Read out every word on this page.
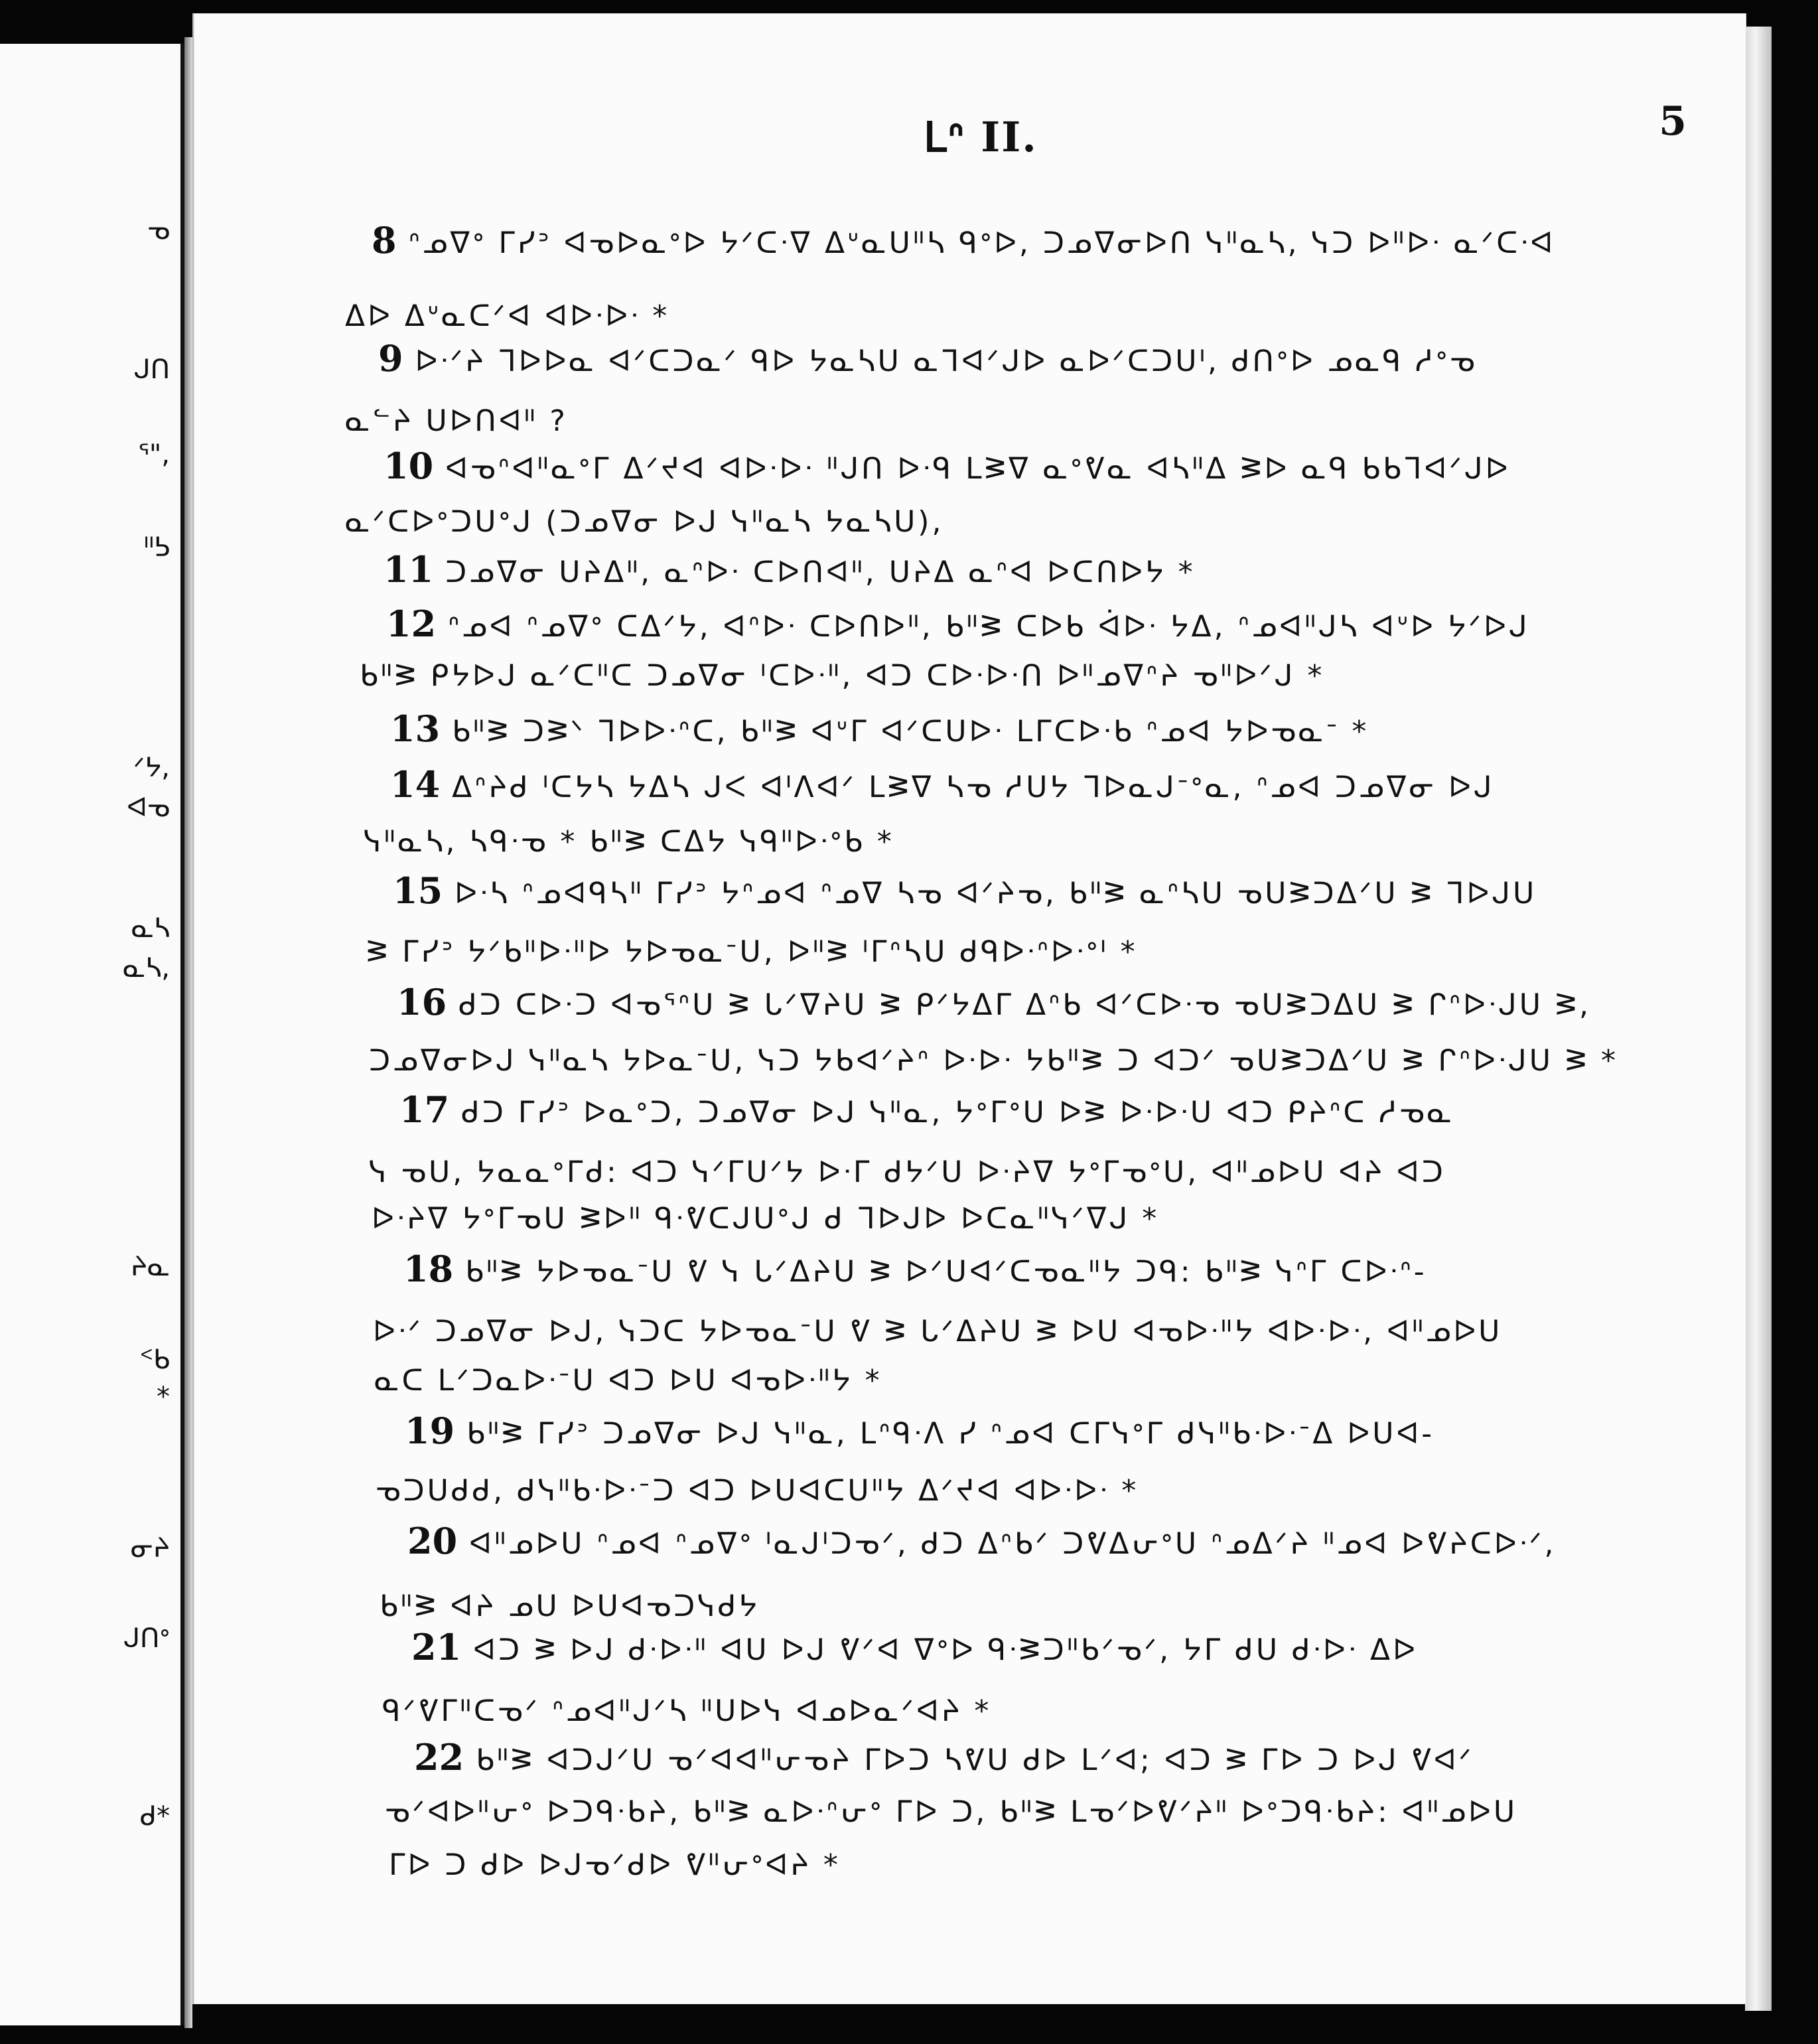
ᓀ
ᒍᑎ
ᕐ",
ᐦᕊ
ᐟᔭ,
ᐊᓀ
ᓇᓴ
ᓇᓴ,
ᔨᓇ
ᑉᑲ
*
ᓂᔨ
ᒍᑎᐤ
ᑯ*
ᒪᐢ II.	5
8 ᐢᓄᐁᐤ ᒥᓯᐣ ᐊᓀᐅᓇᐤᐅ ᔭᐟᑕᐧᐁ ᐃᐡᓇᑌᐦᓴ ᑫᐤᐅ, ᑐᓄᐁᓂᐅᑎ ᓭᐦᓇᓴ, ᓭᑐ ᐅᐦᐅᐧ ᓇᐟᑕᐧᐊ
ᐃᐅ ᐃᐡᓇᑕᐟᐊ ᐊᐅᐧᐅᐧ *
9 ᐅᐧᐟᔨ ᒣᐅᐅᓇ ᐊᐟᑕᑐᓇᐟ ᑫᐅ ᔭᓇᓴᑌ ᓇᒣᐊᐟᒍᐅ ᓇᐅᐟᑕᑐᑌᑊ, ᑯᑎᐤᐅ ᓄᓇᑫ ᓱᐤᓀ
ᓇᓪᔨ ᑌᐅᑎᐊᐦ ?
10 ᐊᓀᐢᐊᐦᓇᐤᒥ ᐃᐟᔪᐊ ᐊᐅᐧᐅᐧ ᐦᒍᑎ ᐅᐧᑫ ᒪᕒᐁ ᓇᐤᕓᓇ ᐊᓴᐦᐃ ᕒᐅ ᓇᑫ ᑲᑲᒣᐊᐟᒍᐅ
ᓇᐟᑕᐅᐤᑐᑌᐤᒍ (ᑐᓄᐁᓂ ᐅᒍ ᓭᐦᓇᓴ ᔭᓇᓴᑌ),
11 ᑐᓄᐁᓂ ᑌᔨᐃᐦ, ᓇᐢᐅᐧ ᑕᐅᑎᐊᐦ, ᑌᔨᐃ ᓇᐢᐊ ᐅᑕᑎᐅᔭ *
12 ᐢᓄᐊ ᐢᓄᐁᐤ ᑕᐃᐟᔭ, ᐊᐢᐅᐧ ᑕᐅᑎᐅᐦ, ᑲᐦᕒ ᑕᐅᑲ ᐋᐅᐧ ᔭᐃ, ᐢᓄᐊᐦᒍᓴ ᐊᐡᐅ ᔭᐟᐅᒍ
ᑲᐦᕒ ᑭᔭᐅᒍ ᓇᐟᑕᐦᑕ ᑐᓄᐁᓂ ᑊᑕᐅᐧᐦ, ᐊᑐ ᑕᐅᐧᐅᐧᑎ ᐅᐦᓄᐁᐢᔨ ᓀᐦᐅᐟᒍ *
13 ᑲᐦᕒ ᑐᕒᐠ ᒣᐅᐅᐧᐢᑕ, ᑲᐦᕒ ᐊᐡᒥ ᐊᐟᑕᑌᐅᐧ ᒪᒥᑕᐅᐧᑲ ᐢᓄᐊ ᔭᐅᓀᓇᐨ *
14 ᐃᐢᔨᑯ ᑊᑕᔭᓴ ᔭᐃᓴ ᒍᐸ ᐊᑊᐱᐊᐟ ᒪᕒᐁ ᓴᓀ ᓱᑌᔭ ᒣᐅᓇᒍᐨᐤᓇ, ᐢᓄᐊ ᑐᓄᐁᓂ ᐅᒍ
ᓭᐦᓇᓴ, ᓴᑫᐧᓀ * ᑲᐦᕒ ᑕᐃᔭ ᓭᑫᐦᐅᐧᐤᑲ *
15 ᐅᐧᓴ ᐢᓄᐊᑫᓴᐦ ᒥᓯᐣ ᔭᐢᓄᐊ ᐢᓄᐁ ᓴᓀ ᐊᐟᔨᓀ, ᑲᐦᕒ ᓇᐢᓴᑌ ᓀᑌᕒᑐᐃᐟᑌ ᕒ ᒣᐅᒍᑌ
ᕒ ᒥᓯᐣ ᔭᐟᑲᐦᐅᐧᐦᐅ ᔭᐅᓀᓇᐨᑌ, ᐅᐦᕒ ᑊᒥᐢᓴᑌ ᑯᑫᐅᐧᐢᐅᐧᐤᑊ *
16 ᑯᑐ ᑕᐅᐧᑐ ᐊᓀᕐᐢᑌ ᕒ ᒐᐟᐁᔨᑌ ᕒ ᑭᐟᔭᐃᒥ ᐃᐢᑲ ᐊᐟᑕᐅᐧᓀ ᓀᑌᕒᑐᐃᑌ ᕒ ᒋᐢᐅᐧᒍᑌ ᕒ,
ᑐᓄᐁᓂᐅᒍ ᓭᐦᓇᓴ ᔭᐅᓇᐨᑌ, ᓭᑐ ᔭᑲᐊᐟᔨᐢ ᐅᐧᐅᐧ ᔭᑲᐦᕒ ᑐ ᐊᑐᐟ ᓀᑌᕒᑐᐃᐟᑌ ᕒ ᒋᐢᐅᐧᒍᑌ ᕒ *
17 ᑯᑐ ᒥᓯᐣ ᐅᓇᐤᑐ, ᑐᓄᐁᓂ ᐅᒍ ᓭᐦᓇ, ᔭᐤᒥᐤᑌ ᐅᕒ ᐅᐧᐅᐧᑌ ᐊᑐ ᑭᔨᐢᑕ ᓱᓀᓇ
ᓭ ᓀᑌ, ᔭᓇᓇᐤᒥᑯ: ᐊᑐ ᓭᐟᒥᑌᐟᔭ ᐅᐧᒥ ᑯᔭᐟᑌ ᐅᐧᔨᐁ ᔭᐤᒥᓀᐤᑌ, ᐊᐦᓄᐅᑌ ᐊᔨ ᐊᑐ
ᐅᐧᔨᐁ ᔭᐤᒥᓀᑌ ᕒᐅᐦ ᑫᐧᕓᑕᒍᑌᐤᒍ ᑯ ᒣᐅᒍᐅ ᐅᑕᓇᐦᓭᐟᐁᒍ *
18 ᑲᐦᕒ ᔭᐅᓀᓇᐨᑌ ᕓ ᓭ ᒐᐟᐃᔨᑌ ᕒ ᐅᐟᑌᐊᐟᑕᓀᓇᐦᔭ ᑐᑫ: ᑲᐦᕒ ᓭᐢᒥ ᑕᐅᐧᐢ-
ᐅᐧᐟ ᑐᓄᐁᓂ ᐅᒍ, ᓭᑐᑕ ᔭᐅᓀᓇᐨᑌ ᕓ ᕒ ᒐᐟᐃᔨᑌ ᕒ ᐅᑌ ᐊᓀᐅᐧᐦᔭ ᐊᐅᐧᐅᐧ, ᐊᐦᓄᐅᑌ
ᓇᑕ ᒪᐟᑐᓇᐅᐧᐨᑌ ᐊᑐ ᐅᑌ ᐊᓀᐅᐧᐦᔭ *
19 ᑲᐦᕒ ᒥᓯᐣ ᑐᓄᐁᓂ ᐅᒍ ᓭᐦᓇ, ᒪᐢᑫᐧᐱ ᓯ ᐢᓄᐊ ᑕᒥᓭᐤᒥ ᑯᓭᐦᑲᐧᐅᐧᐨᐃ ᐅᑌᐊ-
ᓀᑐᑌᑯᑯ, ᑯᓭᐦᑲᐧᐅᐧᐨᑐ ᐊᑐ ᐅᑌᐊᑕᑌᐦᔭ ᐃᐟᔪᐊ ᐊᐅᐧᐅᐧ *
20 ᐊᐦᓄᐅᑌ ᐢᓄᐊ ᐢᓄᐁᐤ ᑊᓇᒍᑊᑐᓀᐟ, ᑯᑐ ᐃᐢᑲᐟ ᑐᕓᐃᕂᐤᑌ ᐢᓄᐃᐟᔨ ᐦᓄᐊ ᐅᕓᔨᑕᐅᐧᐟ,
ᑲᐦᕒ ᐊᔨ ᓄᑌ ᐅᑌᐊᓀᑐᓭᑯᔭ
21 ᐊᑐ ᕒ ᐅᒍ ᑯᐧᐅᐧᐦ ᐊᑌ ᐅᒍ ᕓᐟᐊ ᐁᐤᐅ ᑫᐧᕒᑐᐦᑲᐟᓀᐟ, ᔭᒥ ᑯᑌ ᑯᐧᐅᐧ ᐃᐅ
ᑫᐟᕓᒥᐦᑕᓀᐟ ᐢᓄᐊᐦᒍᐟᓴ ᐦᑌᐅᓭ ᐊᓄᐅᓇᐟᐊᔨ *
22 ᑲᐦᕒ ᐊᑐᒍᐟᑌ ᓀᐟᐊᐊᐦᕂᓀᔨ ᒥᐅᑐ ᓴᕓᑌ ᑯᐅ ᒪᐟᐊ; ᐊᑐ ᕒ ᒥᐅ ᑐ ᐅᒍ ᕓᐊᐟ
ᓀᐟᐊᐅᐦᕂᐤ ᐅᑐᑫᐧᑲᔨ, ᑲᐦᕒ ᓇᐅᐧᐢᕂᐤ ᒥᐅ ᑐ, ᑲᐦᕒ ᒪᓀᐟᐅᕓᐟᔨᐦ ᐅᐤᑐᑫᐧᑲᔨ: ᐊᐦᓄᐅᑌ
ᒥᐅ ᑐ ᑯᐅ ᐅᒍᓀᐟᑯᐅ ᕓᐦᕂᐤᐊᔨ *
